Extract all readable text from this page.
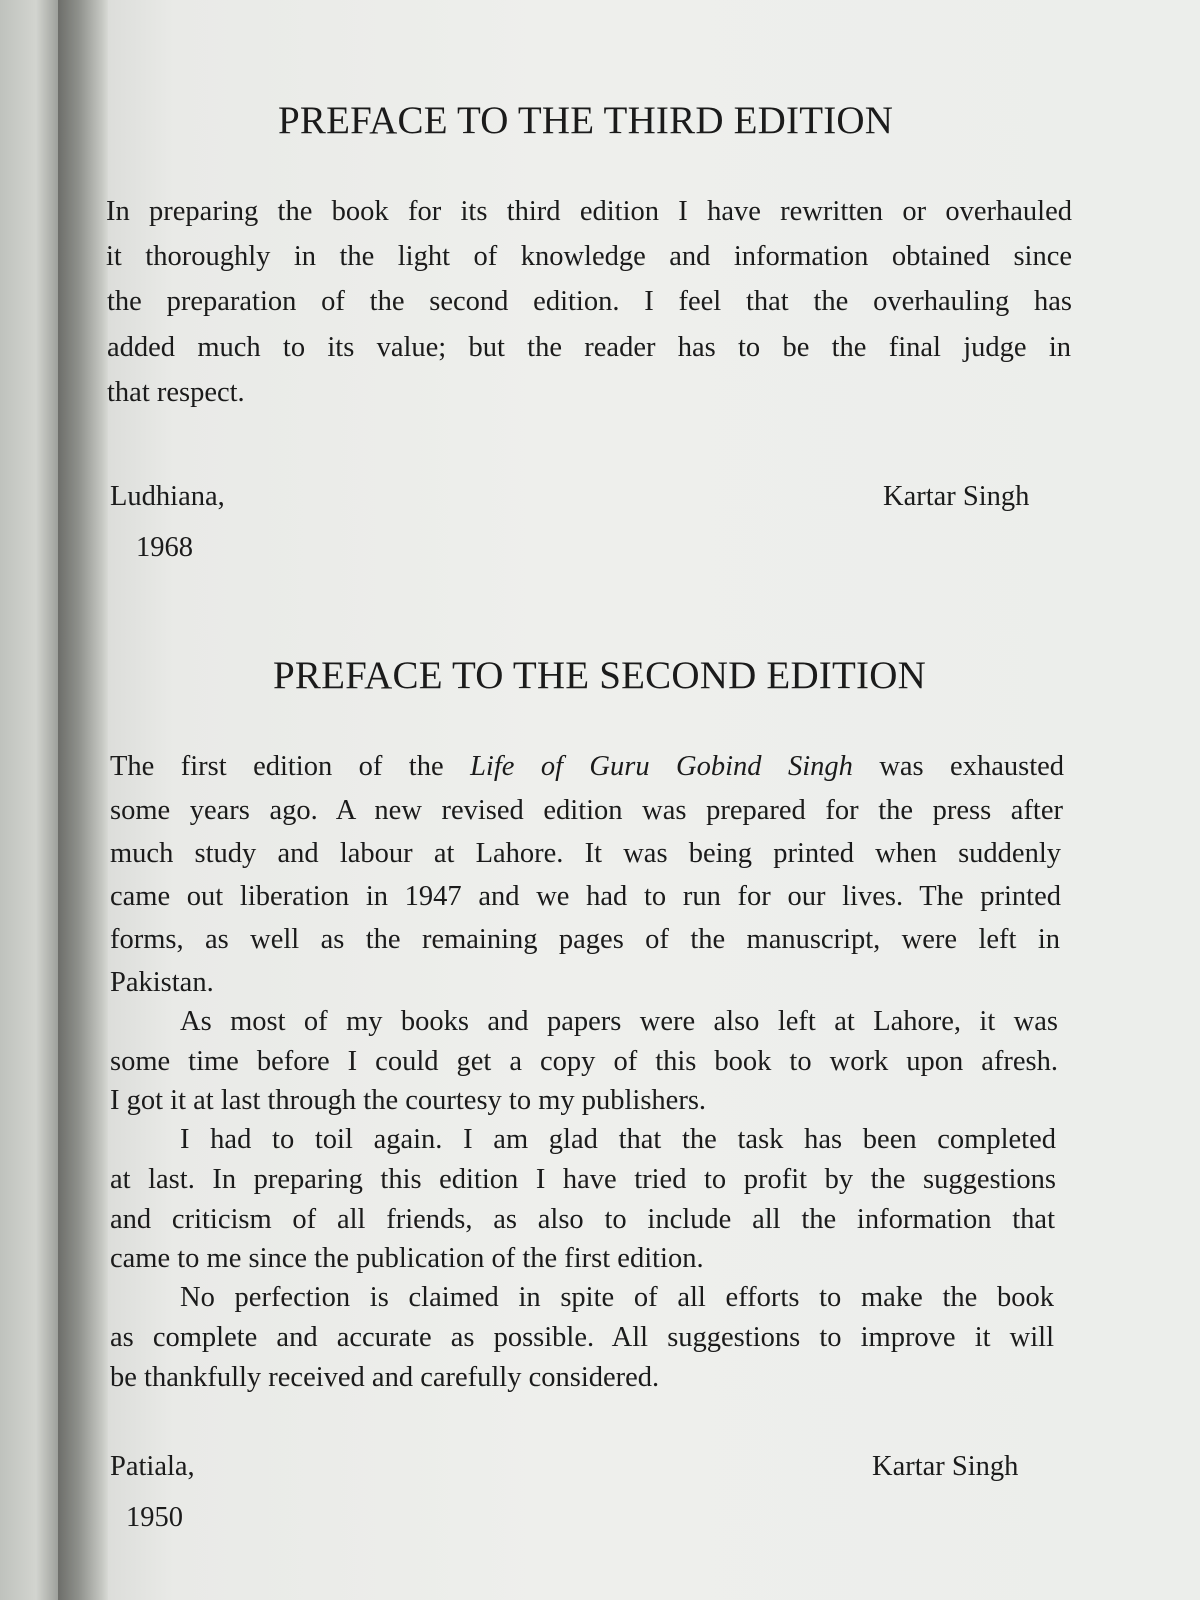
PREFACE TO THE THIRD EDITION

In preparing the book for its third edition I have rewritten or overhauled

it thoroughly in the light of knowledge and information obtained since

the preparation of the second edition. I feel that the overhauling has

added much to its value; but the reader has to be the final judge in

that respect.

Ludhiana,	Kartar Singh

1968

PREFACE TO THE SECOND EDITION

The first edition of the Life of Guru Gobind Singh was exhausted

some years ago. A new revised edition was prepared for the press after

much study and labour at Lahore. It was being printed when suddenly

came out liberation in 1947 and we had to run for our lives. The printed

forms, as well as the remaining pages of the manuscript, were left in

Pakistan.

As most of my books and papers were also left at Lahore, it was

some time before I could get a copy of this book to work upon afresh.

I got it at last through the courtesy to my publishers.

I had to toil again. I am glad that the task has been completed

at last. In preparing this edition I have tried to profit by the suggestions

and criticism of all friends, as also to include all the information that

came to me since the publication of the first edition.

No perfection is claimed in spite of all efforts to make the book

as complete and accurate as possible. All suggestions to improve it will

be thankfully received and carefully considered.

Patiala,	Kartar Singh

1950
